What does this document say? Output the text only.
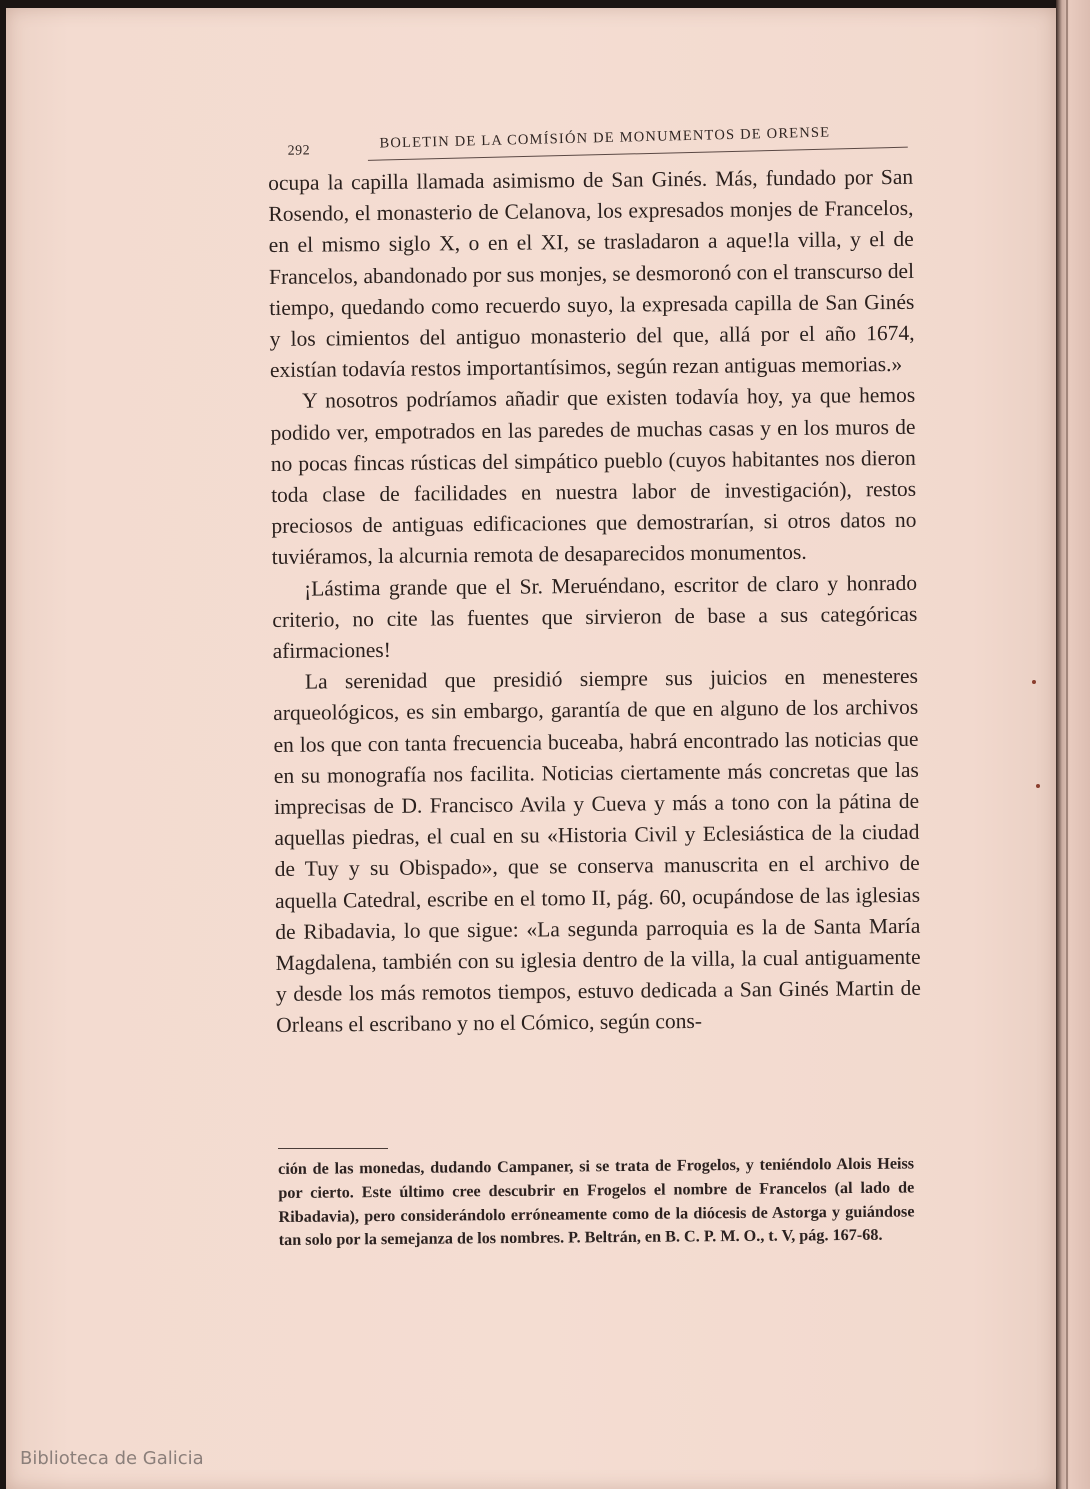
292	BOLETIN DE LA COMÍSIÓN DE MONUMENTOS DE ORENSE

ocupa la capilla llamada asimismo de San Ginés. Más, fundado por San Rosendo, el monasterio de Celanova, los expresados monjes de Francelos, en el mismo siglo X, o en el XI, se trasladaron a aque!la villa, y el de Francelos, abandonado por sus monjes, se desmoronó con el transcurso del tiempo, quedando como recuerdo suyo, la expresada capilla de San Ginés y los cimientos del antiguo monasterio del que, allá por el año 1674, existían todavía restos importantísimos, según rezan antiguas memorias.»

Y nosotros podríamos añadir que existen todavía hoy, ya que hemos podido ver, empotrados en las paredes de muchas casas y en los muros de no pocas fincas rústicas del simpático pueblo (cuyos habitantes nos dieron toda clase de facilidades en nuestra labor de investigación), restos preciosos de antiguas edificaciones que demostrarían, si otros datos no tuviéramos, la alcurnia remota de desaparecidos monumentos.

¡Lástima grande que el Sr. Meruéndano, escritor de claro y honrado criterio, no cite las fuentes que sirvieron de base a sus categóricas afirmaciones!

La serenidad que presidió siempre sus juicios en menesteres arqueológicos, es sin embargo, garantía de que en alguno de los archivos en los que con tanta frecuencia buceaba, habrá encontrado las noticias que en su monografía nos facilita. Noticias ciertamente más concretas que las imprecisas de D. Francisco Avila y Cueva y más a tono con la pátina de aquellas piedras, el cual en su «Historia Civil y Eclesiástica de la ciudad de Tuy y su Obispado», que se conserva manuscrita en el archivo de aquella Catedral, escribe en el tomo II, pág. 60, ocupándose de las iglesias de Ribadavia, lo que sigue: «La segunda parroquia es la de Santa María Magdalena, también con su iglesia dentro de la villa, la cual antiguamente y desde los más remotos tiempos, estuvo dedicada a San Ginés Martin de Orleans el escribano y no el Cómico, según cons-

ción de las monedas, dudando Campaner, si se trata de Frogelos, y teniéndolo Alois Heiss por cierto. Este último cree descubrir en Frogelos el nombre de Francelos (al lado de Ribadavia), pero considerándolo erróneamente como de la diócesis de Astorga y guiándose tan solo por la semejanza de los nombres. P. Beltrán, en B. C. P. M. O., t. V, pág. 167-68.

Biblioteca de Galicia
